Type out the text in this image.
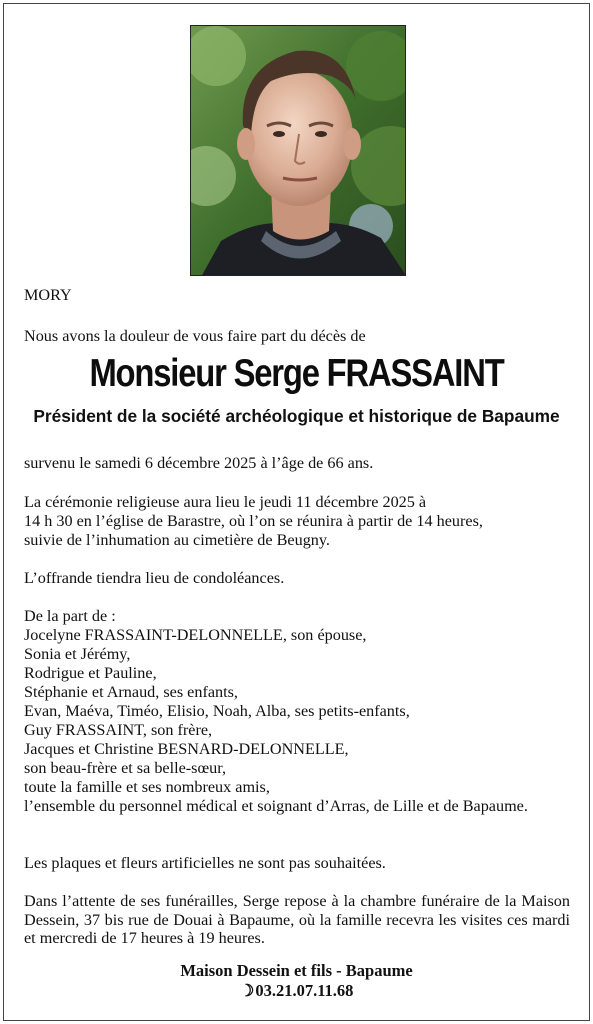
MORY
Nous avons la douleur de vous faire part du décès de
Monsieur Serge FRASSAINT
Président de la société archéologique et historique de Bapaume
survenu le samedi 6 décembre 2025 à l’âge de 66 ans.
La cérémonie religieuse aura lieu le jeudi 11 décembre 2025 à
14 h 30 en l’église de Barastre, où l’on se réunira à partir de 14 heures,
suivie de l’inhumation au cimetière de Beugny.
L’offrande tiendra lieu de condoléances.
De la part de :
Jocelyne FRASSAINT-DELONNELLE, son épouse,
Sonia et Jérémy,
Rodrigue et Pauline,
Stéphanie et Arnaud, ses enfants,
Evan, Maéva, Timéo, Elisio, Noah, Alba, ses petits-enfants,
Guy FRASSAINT, son frère,
Jacques et Christine BESNARD-DELONNELLE,
son beau-frère et sa belle-sœur,
toute la famille et ses nombreux amis,
l’ensemble du personnel médical et soignant d’Arras, de Lille et de Bapaume.
Les plaques et fleurs artificielles ne sont pas souhaitées.
Dans l’attente de ses funérailles, Serge repose à la chambre funéraire de la Maison Dessein, 37 bis rue de Douai à Bapaume, où la famille recevra les visites ces mardi et mercredi de 17 heures à 19 heures.
Maison Dessein et fils - Bapaume
☽03.21.07.11.68
